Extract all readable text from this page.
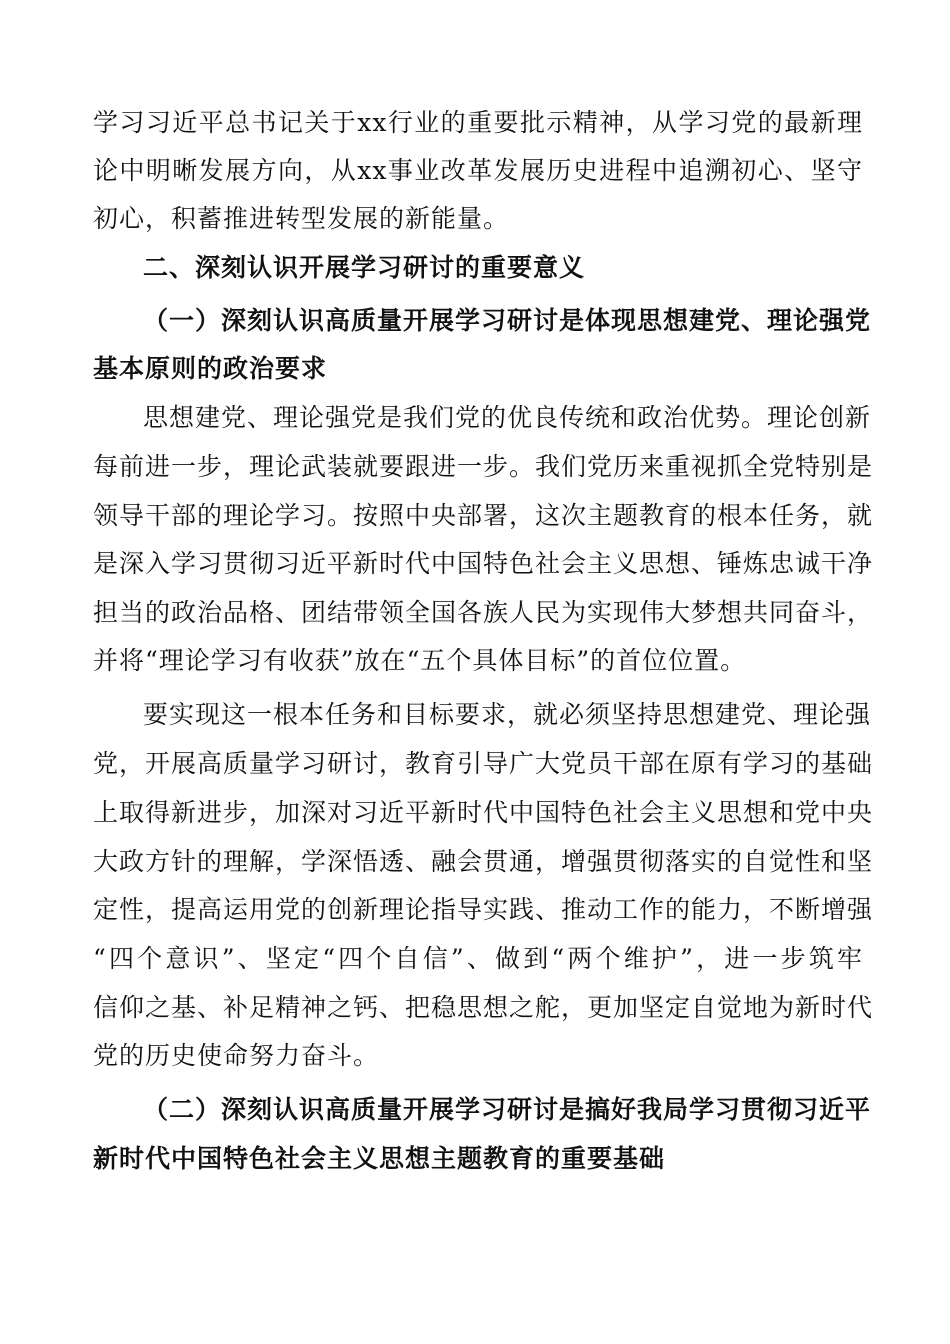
学习习近平总书记关于xx行业的重要批示精神，从学习党的最新理
论中明晰发展方向，从xx事业改革发展历史进程中追溯初心、坚守
初心，积蓄推进转型发展的新能量。
二、深刻认识开展学习研讨的重要意义
（一）深刻认识高质量开展学习研讨是体现思想建党、理论强党
基本原则的政治要求
思想建党、理论强党是我们党的优良传统和政治优势。理论创新
每前进一步，理论武装就要跟进一步。我们党历来重视抓全党特别是
领导干部的理论学习。按照中央部署，这次主题教育的根本任务，就
是深入学习贯彻习近平新时代中国特色社会主义思想、锤炼忠诚干净
担当的政治品格、团结带领全国各族人民为实现伟大梦想共同奋斗，
并将“理论学习有收获”放在“五个具体目标”的首位位置。
要实现这一根本任务和目标要求，就必须坚持思想建党、理论强
党，开展高质量学习研讨，教育引导广大党员干部在原有学习的基础
上取得新进步，加深对习近平新时代中国特色社会主义思想和党中央
大政方针的理解，学深悟透、融会贯通，增强贯彻落实的自觉性和坚
定性，提高运用党的创新理论指导实践、推动工作的能力，不断增强
“四个意识”、坚定“四个自信”、做到“两个维护”，进一步筑牢
信仰之基、补足精神之钙、把稳思想之舵，更加坚定自觉地为新时代
党的历史使命努力奋斗。
（二）深刻认识高质量开展学习研讨是搞好我局学习贯彻习近平
新时代中国特色社会主义思想主题教育的重要基础
